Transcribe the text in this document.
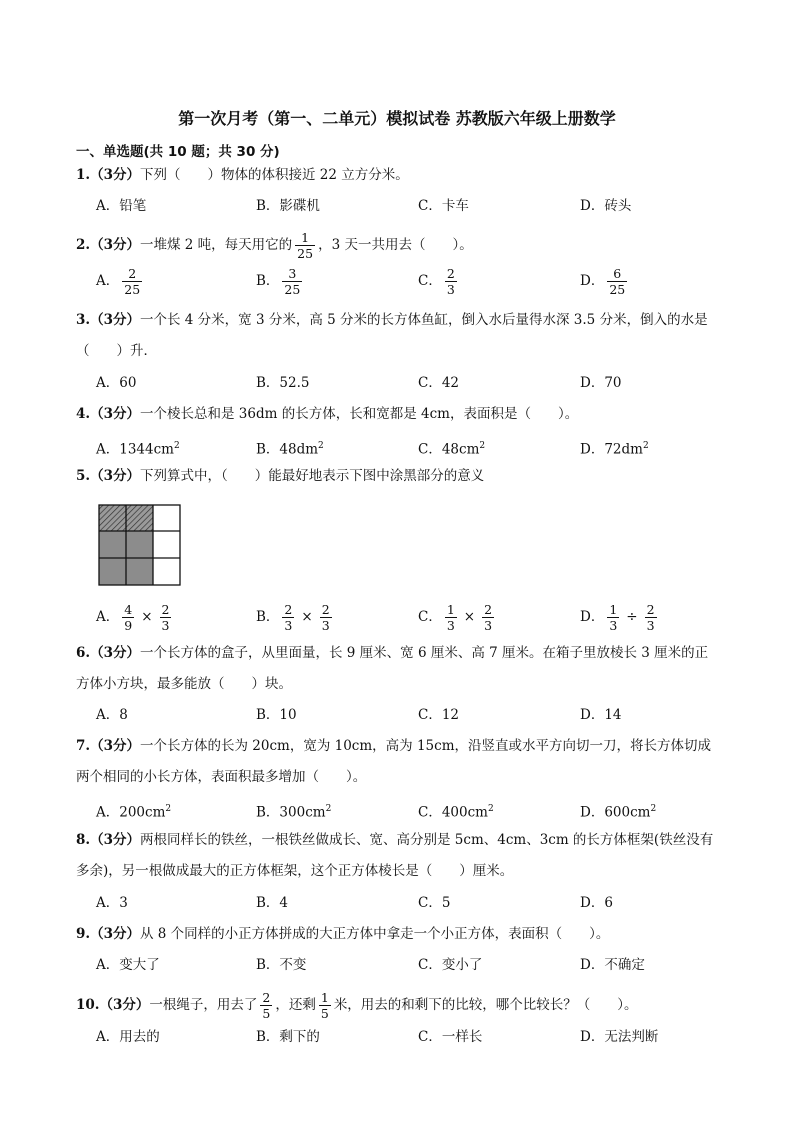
第一次月考（第一、二单元）模拟试卷 苏教版六年级上册数学
一、单选题(共 10 题；共 30 分)
1.（3分）下列（　　）物体的体积接近 22 立方分米。
A．铅笔	B．影碟机	C．卡车	D．砖头
2.（3分）一堆煤 2 吨，每天用它的 $\frac{1}{25}$ ，3 天一共用去（　　）。
A． $\frac{2}{25}$	B． $\frac{3}{25}$	C． $\frac{2}{3}$	D． $\frac{6}{25}$
3.（3分）一个长 4 分米，宽 3 分米，高 5 分米的长方体鱼缸，倒入水后量得水深 3.5 分米，倒入的水是
（　　）升．
A．60	B．52.5	C．42	D．70
4.（3分）一个棱长总和是 36dm 的长方体，长和宽都是 4cm，表面积是（　　）。
A．$1344cm^2$	B．$48dm^2$	C．$48cm^2$	D．$72dm^2$
5.（3分）下列算式中，（　　）能最好地表示下图中涂黑部分的意义
A． $\frac{4}{9} \times \frac{2}{3}$	B． $\frac{2}{3} \times \frac{2}{3}$	C． $\frac{1}{3} \times \frac{2}{3}$	D． $\frac{1}{3} \div \frac{2}{3}$
6.（3分）一个长方体的盒子，从里面量，长 9 厘米、宽 6 厘米、高 7 厘米。在箱子里放棱长 3 厘米的正
方体小方块，最多能放（　　）块。
A．8	B．10	C．12	D．14
7.（3分）一个长方体的长为 20cm，宽为 10cm，高为 15cm，沿竖直或水平方向切一刀，将长方体切成
两个相同的小长方体，表面积最多增加（　　）。
A．$200cm^2$	B．$300cm^2$	C．$400cm^2$	D．$600cm^2$
8.（3分）两根同样长的铁丝，一根铁丝做成长、宽、高分别是 5cm、4cm、3cm 的长方体框架(铁丝没有
多余)，另一根做成最大的正方体框架，这个正方体棱长是（　　）厘米。
A．3	B．4	C．5	D．6
9.（3分）从 8 个同样的小正方体拼成的大正方体中拿走一个小正方体，表面积（　　）。
A．变大了	B．不变	C．变小了	D．不确定
10.（3分）一根绳子，用去了 $\frac{2}{5}$ ，还剩 $\frac{1}{5}$ 米，用去的和剩下的比较，哪个比较长？（　　）。
A．用去的	B．剩下的	C．一样长	D．无法判断
